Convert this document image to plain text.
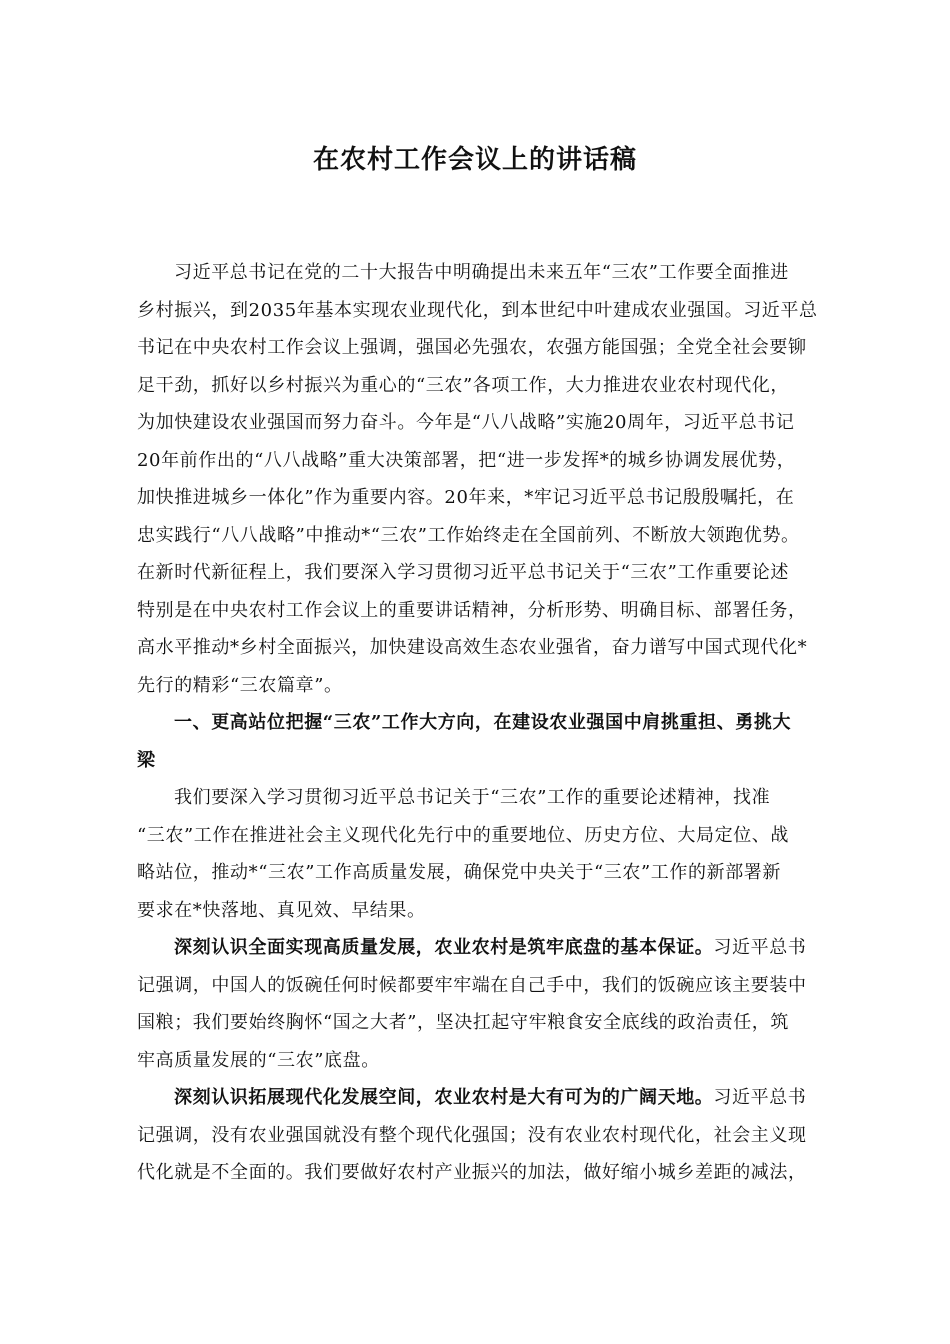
在农村工作会议上的讲话稿
习近平总书记在党的二十大报告中明确提出未来五年“三农”工作要全面推进
乡村振兴，到2035年基本实现农业现代化，到本世纪中叶建成农业强国。习近平总
书记在中央农村工作会议上强调，强国必先强农，农强方能国强；全党全社会要铆
足干劲，抓好以乡村振兴为重心的“三农”各项工作，大力推进农业农村现代化，
为加快建设农业强国而努力奋斗。今年是“八八战略”实施20周年，习近平总书记
20年前作出的“八八战略”重大决策部署，把“进一步发挥*的城乡协调发展优势，
加快推进城乡一体化”作为重要内容。20年来，*牢记习近平总书记殷殷嘱托，在
忠实践行“八八战略”中推动*“三农”工作始终走在全国前列、不断放大领跑优势。
在新时代新征程上，我们要深入学习贯彻习近平总书记关于“三农”工作重要论述
特别是在中央农村工作会议上的重要讲话精神，分析形势、明确目标、部署任务，
高水平推动*乡村全面振兴，加快建设高效生态农业强省，奋力谱写中国式现代化*
先行的精彩“三农篇章”。
一、更高站位把握“三农”工作大方向，在建设农业强国中肩挑重担、勇挑大
梁
我们要深入学习贯彻习近平总书记关于“三农”工作的重要论述精神，找准
“三农”工作在推进社会主义现代化先行中的重要地位、历史方位、大局定位、战
略站位，推动*“三农”工作高质量发展，确保党中央关于“三农”工作的新部署新
要求在*快落地、真见效、早结果。
深刻认识全面实现高质量发展，农业农村是筑牢底盘的基本保证。习近平总书
记强调，中国人的饭碗任何时候都要牢牢端在自己手中，我们的饭碗应该主要装中
国粮；我们要始终胸怀“国之大者”，坚决扛起守牢粮食安全底线的政治责任，筑
牢高质量发展的“三农”底盘。
深刻认识拓展现代化发展空间，农业农村是大有可为的广阔天地。习近平总书
记强调，没有农业强国就没有整个现代化强国；没有农业农村现代化，社会主义现
代化就是不全面的。我们要做好农村产业振兴的加法，做好缩小城乡差距的减法，
